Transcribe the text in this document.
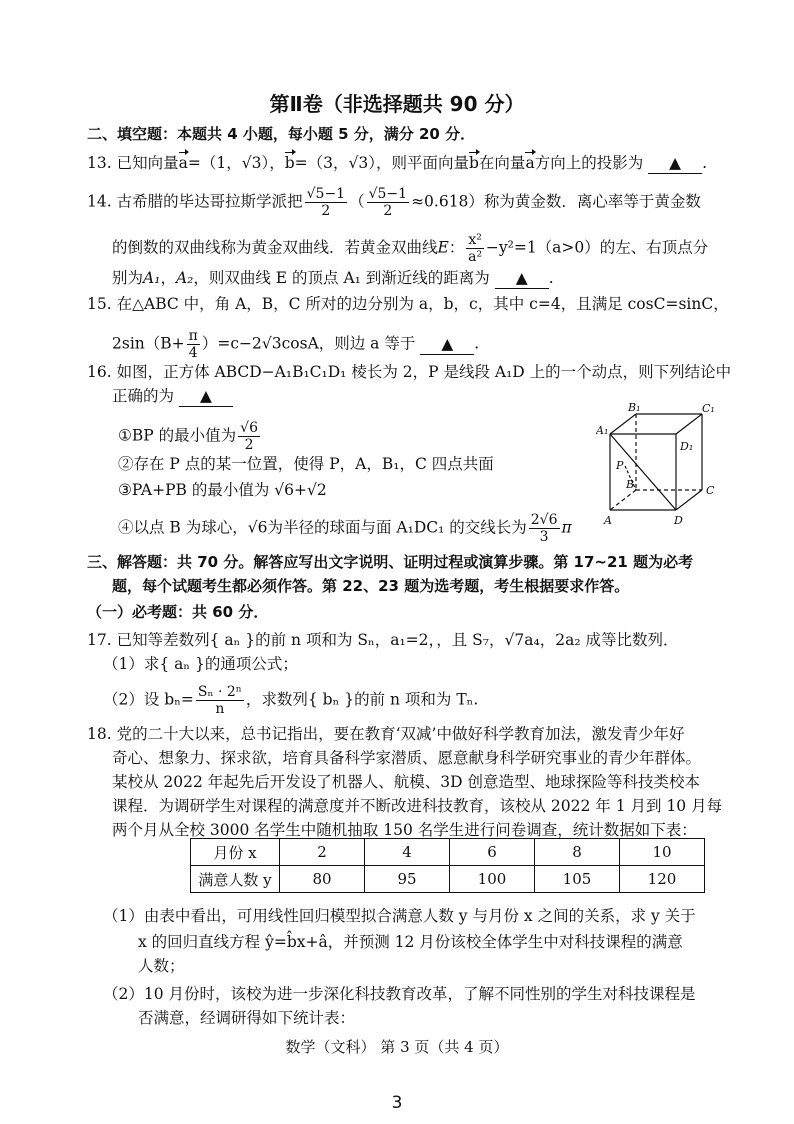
第Ⅱ卷（非选择题共 90 分）
二、填空题：本题共 4 小题，每小题 5 分，满分 20 分．
13. 已知向量a=（1，√3），b=（3，√3），则平面向量b在向量a方向上的投影为 ▲ .
14. 古希腊的毕达哥拉斯学派把 $\frac{√5-1}{2}$ （ $\frac{√5-1}{2} \approx 0.618$）称为黄金数．离心率等于黄金数
的倒数的双曲线称为黄金双曲线．若黄金双曲线E： $\frac{\text{x²}}{\text{a²}} -y^2=1(a>0)$的左、右顶点分
别为A₁，A₂，则双曲线 E 的顶点 A₁ 到渐近线的距离为 ▲ .
15. 在△ABC 中，角 A，B，C 所对的边分别为 a，b，c，其中 c=4，且满足 cosC=sinC，
$2\sin(B+ \frac{\pi}{4} )=c-2√3\cos A$，则边 a 等于 ▲ .
16. 如图，正方体 ABCD−A₁B₁C₁D₁ 棱长为 2，P 是线段 A₁D 上的一个动点，则下列结论中
正确的为 ▲
①BP 的最小值为 $\frac{√6}{2}$
②存在 P 点的某一位置，使得 P，A，B₁，C 四点共面
③PA+PB 的最小值为 √6+√2
④以点 B 为球心，√6为半径的球面与面 A₁DC₁ 的交线长为 $\frac{2√6}{3}$ π
B₁	C₁
A₁
D₁
P
B	C
A	D
三、解答题：共 70 分。解答应写出文字说明、证明过程或演算步骤。第 17~21 题为必考
题，每个试题考生都必须作答。第 22、23 题为选考题，考生根据要求作答。
（一）必考题：共 60 分．
17. 已知等差数列{ aₙ }的前 n 项和为 Sₙ，a₁=2，，且 S₇，√7a₄，2a₂ 成等比数列．
（1）求{ aₙ }的通项公式；
（2）设 $b_n= \frac{\text{Sₙ · 2ⁿ}}{n}$ ，求数列{ bₙ }的前 n 项和为 Tₙ.
18. 党的二十大以来，总书记指出，要在教育‘双减’中做好科学教育加法，激发青少年好
奇心、想象力、探求欲，培育具备科学家潜质、愿意献身科学研究事业的青少年群体。
某校从 2022 年起先后开发设了机器人、航模、3D 创意造型、地球探险等科技类校本
课程．为调研学生对课程的满意度并不断改进科技教育，该校从 2022 年 1 月到 10 月每
两个月从全校 3000 名学生中随机抽取 150 名学生进行问卷调查，统计数据如下表：
月份 x	2	4	6	8	10
满意人数 y	80	95	100	105	120
（1）由表中看出，可用线性回归模型拟合满意人数 y 与月份 x 之间的关系，求 y 关于
x 的回归直线方程 ŷ=b̂x+â，并预测 12 月份该校全体学生中对科技课程的满意
人数；
（2）10 月份时，该校为进一步深化科技教育改革，了解不同性别的学生对科技课程是
否满意，经调研得如下统计表：
数学（文科） 第 3 页（共 4 页）
3
